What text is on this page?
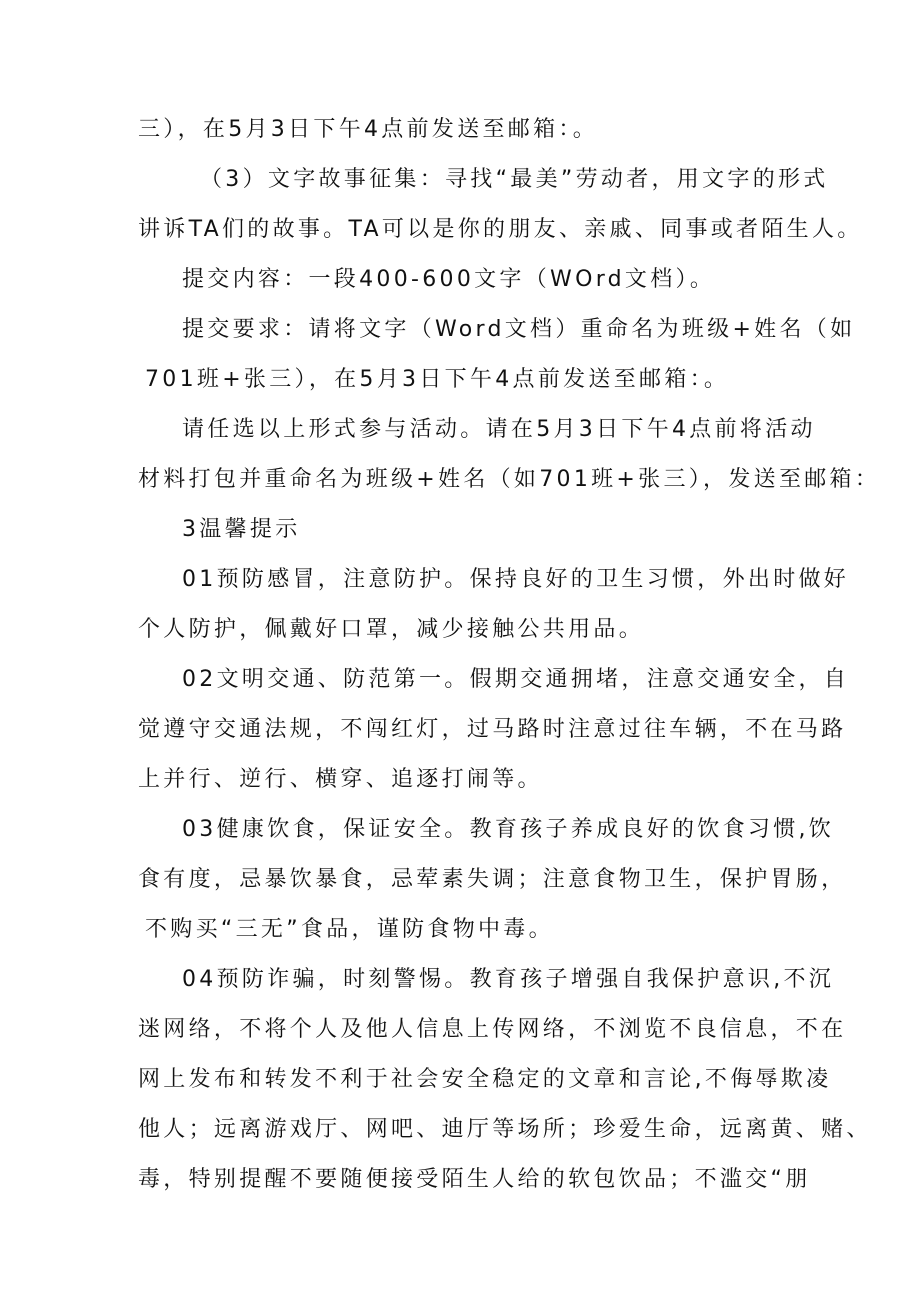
三），在5月3日下午4点前发送至邮箱：。
（3）文字故事征集：寻找“最美”劳动者，用文字的形式
讲诉TA们的故事。TA可以是你的朋友、亲戚、同事或者陌生人。
提交内容：一段400-600文字（WOrd文档）。
提交要求：请将文字（Word文档）重命名为班级+姓名（如
701班+张三），在5月3日下午4点前发送至邮箱：。
请任选以上形式参与活动。请在5月3日下午4点前将活动
材料打包并重命名为班级+姓名（如701班+张三），发送至邮箱：
3温馨提示
01预防感冒，注意防护。保持良好的卫生习惯，外出时做好
个人防护，佩戴好口罩，减少接触公共用品。
02文明交通、防范第一。假期交通拥堵，注意交通安全，自
觉遵守交通法规，不闯红灯，过马路时注意过往车辆，不在马路
上并行、逆行、横穿、追逐打闹等。
03健康饮食，保证安全。教育孩子养成良好的饮食习惯,饮
食有度，忌暴饮暴食，忌荤素失调；注意食物卫生，保护胃肠，
不购买“三无”食品，谨防食物中毒。
04预防诈骗，时刻警惕。教育孩子增强自我保护意识,不沉
迷网络，不将个人及他人信息上传网络，不浏览不良信息，不在
网上发布和转发不利于社会安全稳定的文章和言论,不侮辱欺凌
他人；远离游戏厅、网吧、迪厅等场所；珍爱生命，远离黄、赌、
毒，特别提醒不要随便接受陌生人给的软包饮品；不滥交“朋
